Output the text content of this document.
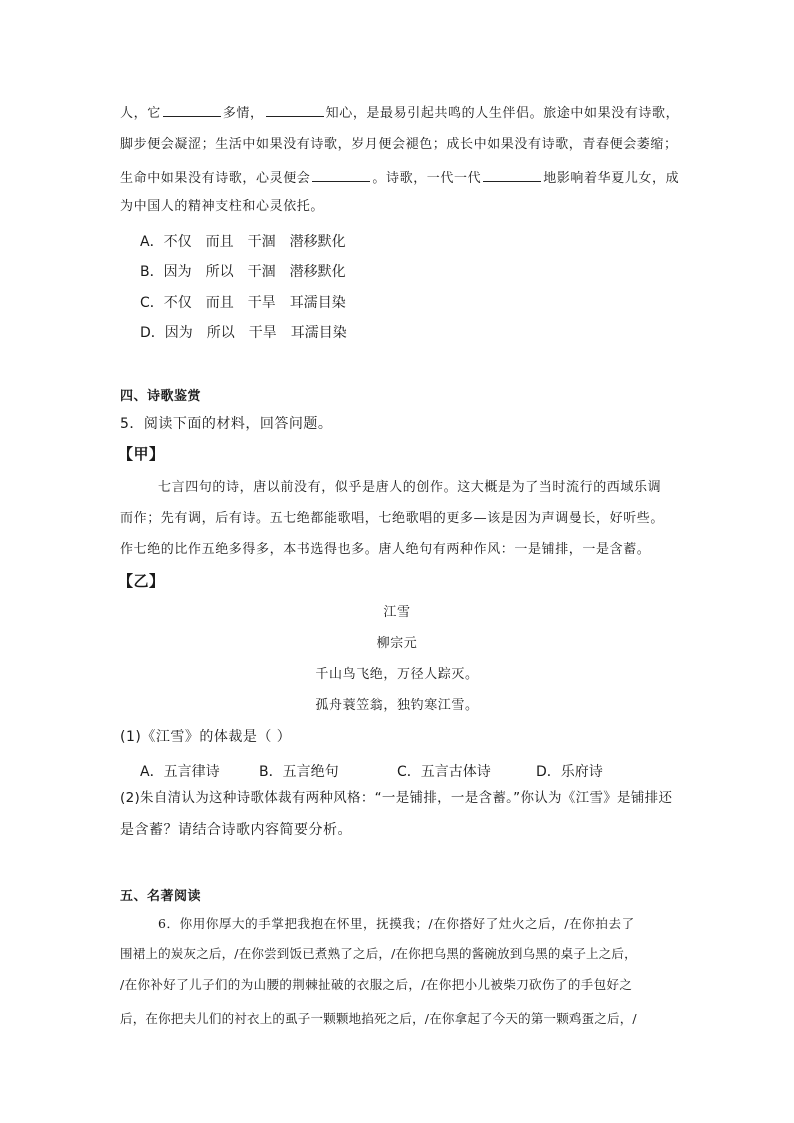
人，它	多情，	知心，是最易引起共鸣的人生伴侣。旅途中如果没有诗歌，
脚步便会凝涩；生活中如果没有诗歌，岁月便会褪色；成长中如果没有诗歌，青春便会萎缩；
生命中如果没有诗歌，心灵便会	。诗歌，一代一代	地影响着华夏儿女，成
为中国人的精神支柱和心灵依托。
A．不仅 而且 干涸 潜移默化
B．因为 所以 干涸 潜移默化
C．不仅 而且 干旱 耳濡目染
D．因为 所以 干旱 耳濡目染
四、诗歌鉴赏
5．阅读下面的材料，回答问题。
【甲】
七言四句的诗，唐以前没有，似乎是唐人的创作。这大概是为了当时流行的西域乐调
而作；先有调，后有诗。五七绝都能歌唱，七绝歌唱的更多—该是因为声调曼长，好听些。
作七绝的比作五绝多得多，本书选得也多。唐人绝句有两种作风：一是铺排，一是含蓄。
【乙】
江雪
柳宗元
千山鸟飞绝，万径人踪灭。
孤舟蓑笠翁，独钓寒江雪。
(1)《江雪》的体裁是（ ）
A．五言律诗	B．五言绝句	C．五言古体诗	D．乐府诗
(2)朱自清认为这种诗歌体裁有两种风格：“一是铺排，一是含蓄。”你认为《江雪》是铺排还
是含蓄？请结合诗歌内容简要分析。
五、名著阅读
6．你用你厚大的手掌把我抱在怀里，抚摸我；/在你搭好了灶火之后，/在你拍去了
围裙上的炭灰之后，/在你尝到饭已煮熟了之后，/在你把乌黑的酱碗放到乌黑的桌子上之后，
/在你补好了儿子们的为山腰的荆棘扯破的衣服之后，/在你把小儿被柴刀砍伤了的手包好之
后，在你把夫儿们的衬衣上的虱子一颗颗地掐死之后，/在你拿起了今天的第一颗鸡蛋之后，/
